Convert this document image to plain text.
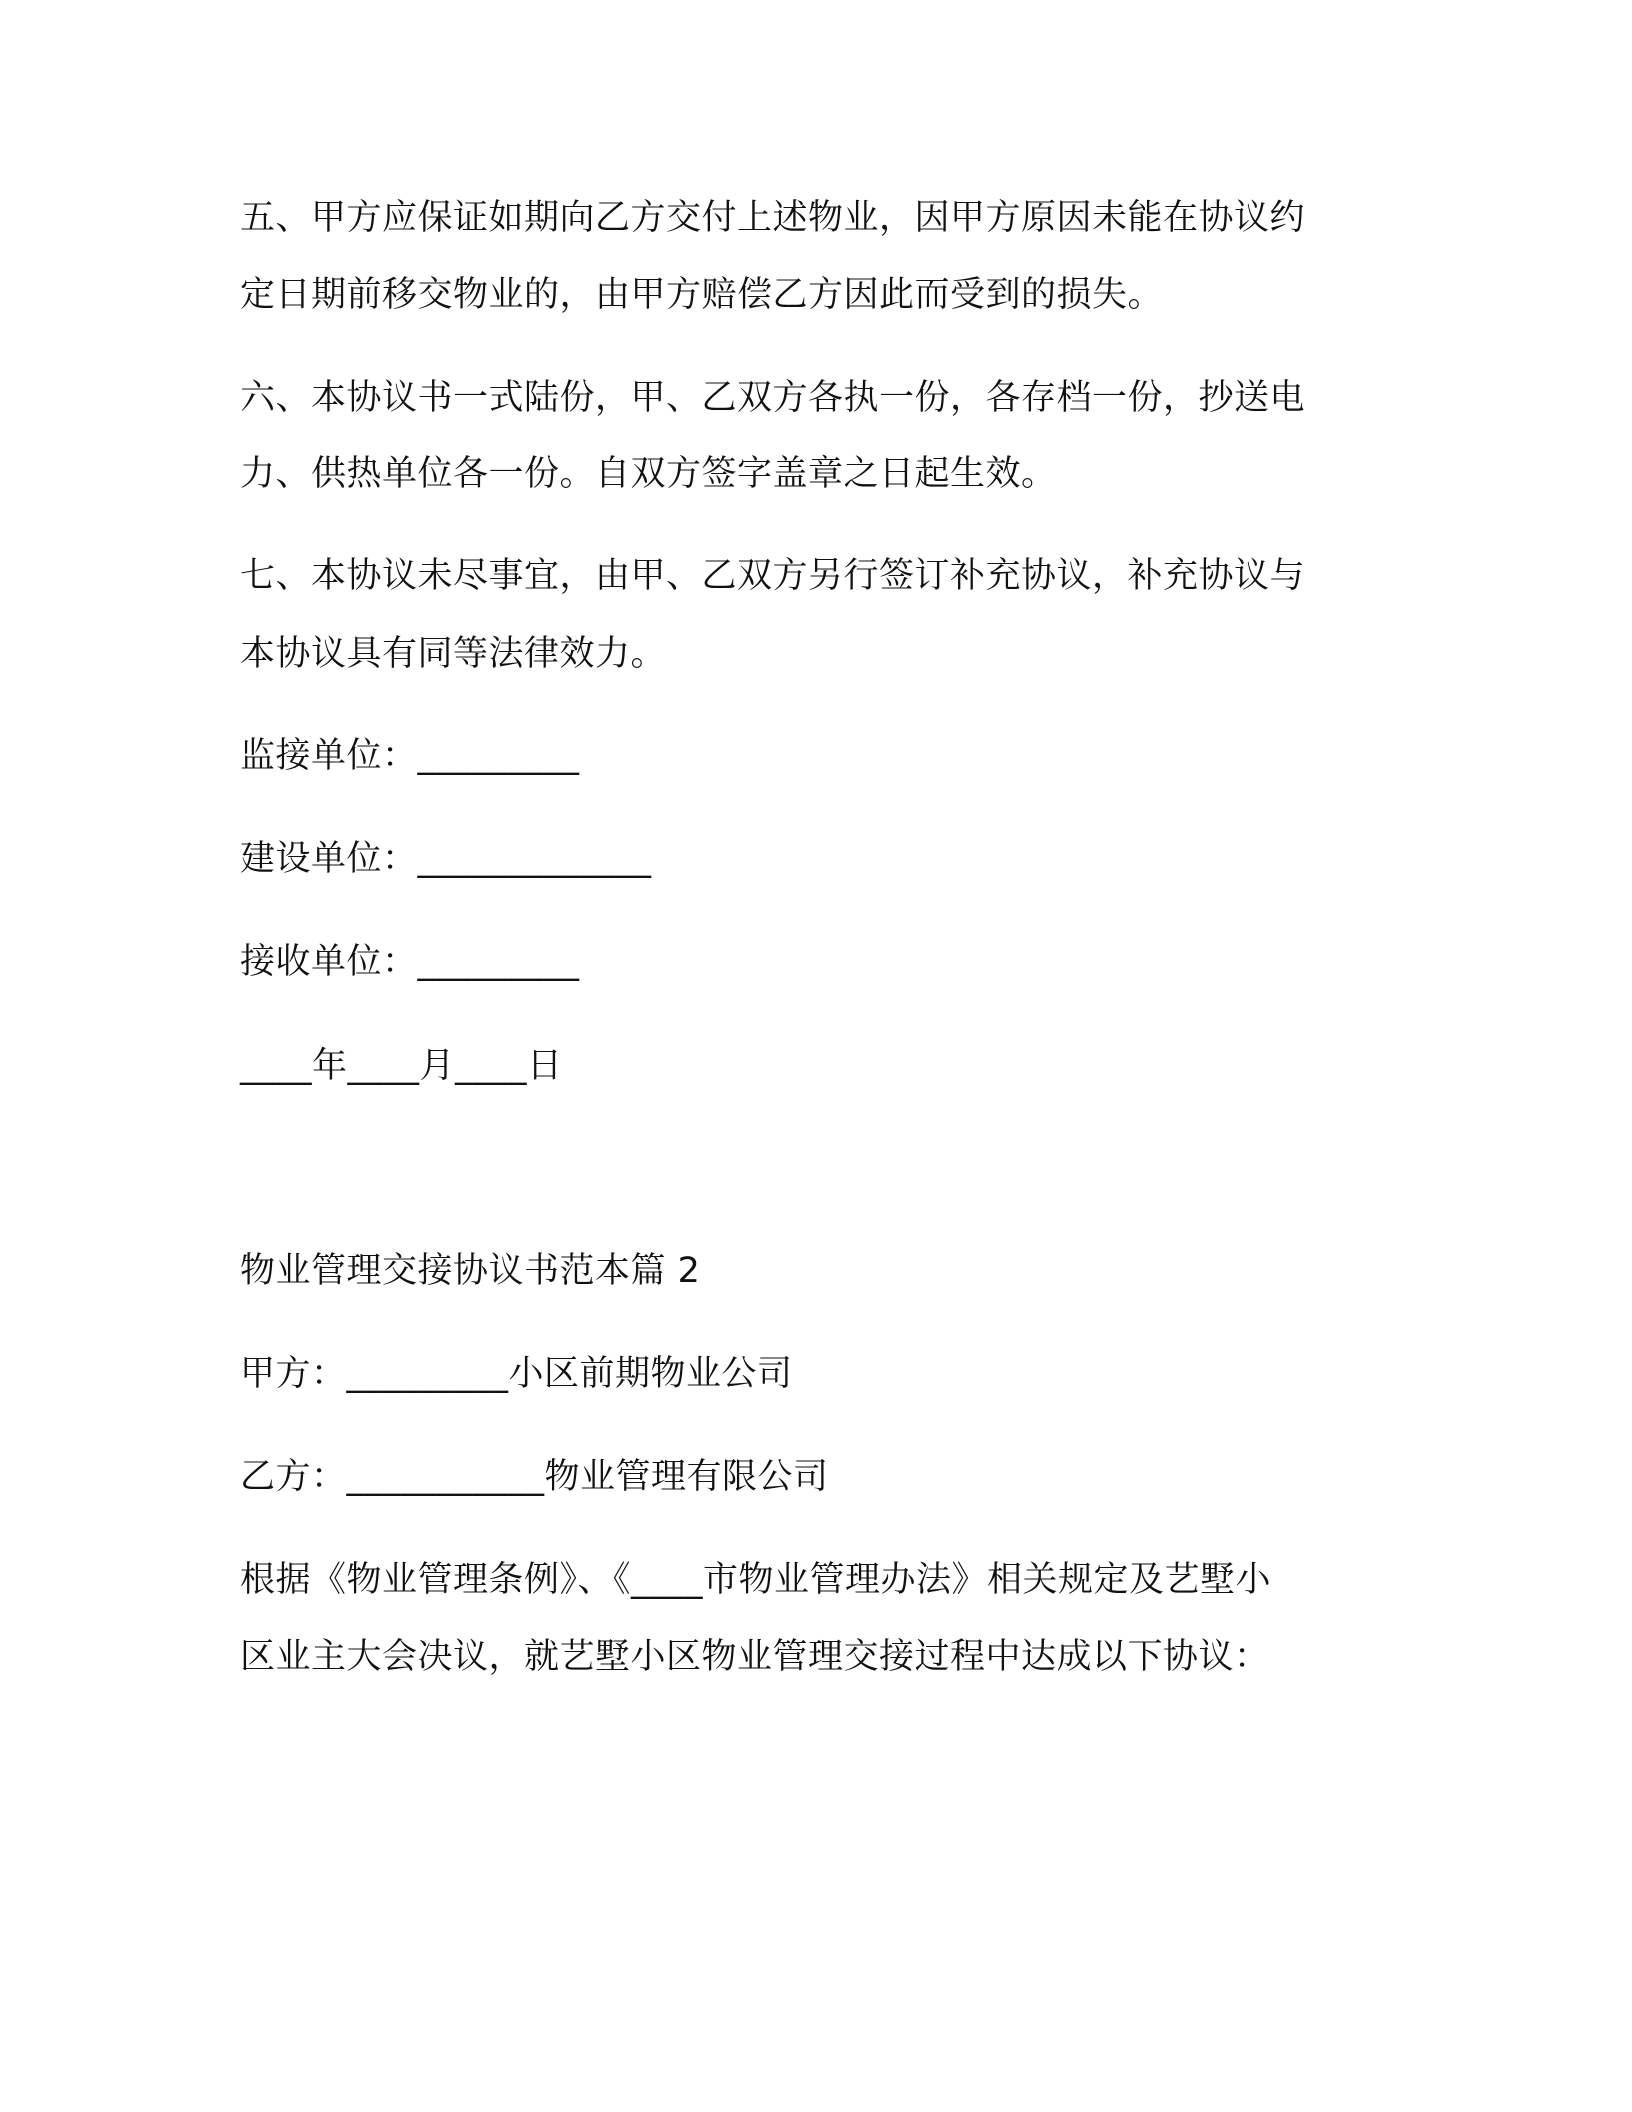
五、甲方应保证如期向乙方交付上述物业，因甲方原因未能在协议约

定日期前移交物业的，由甲方赔偿乙方因此而受到的损失。

六、本协议书一式陆份，甲、乙双方各执一份，各存档一份，抄送电

力、供热单位各一份。自双方签字盖章之日起生效。

七、本协议未尽事宜，由甲、乙双方另行签订补充协议，补充协议与

本协议具有同等法律效力。

监接单位：_________

建设单位：_____________

接收单位：_________

____年____月____日

物业管理交接协议书范本篇 2

甲方：_________小区前期物业公司

乙方：___________物业管理有限公司

根据《物业管理条例》、《____市物业管理办法》相关规定及艺墅小

区业主大会决议，就艺墅小区物业管理交接过程中达成以下协议：
